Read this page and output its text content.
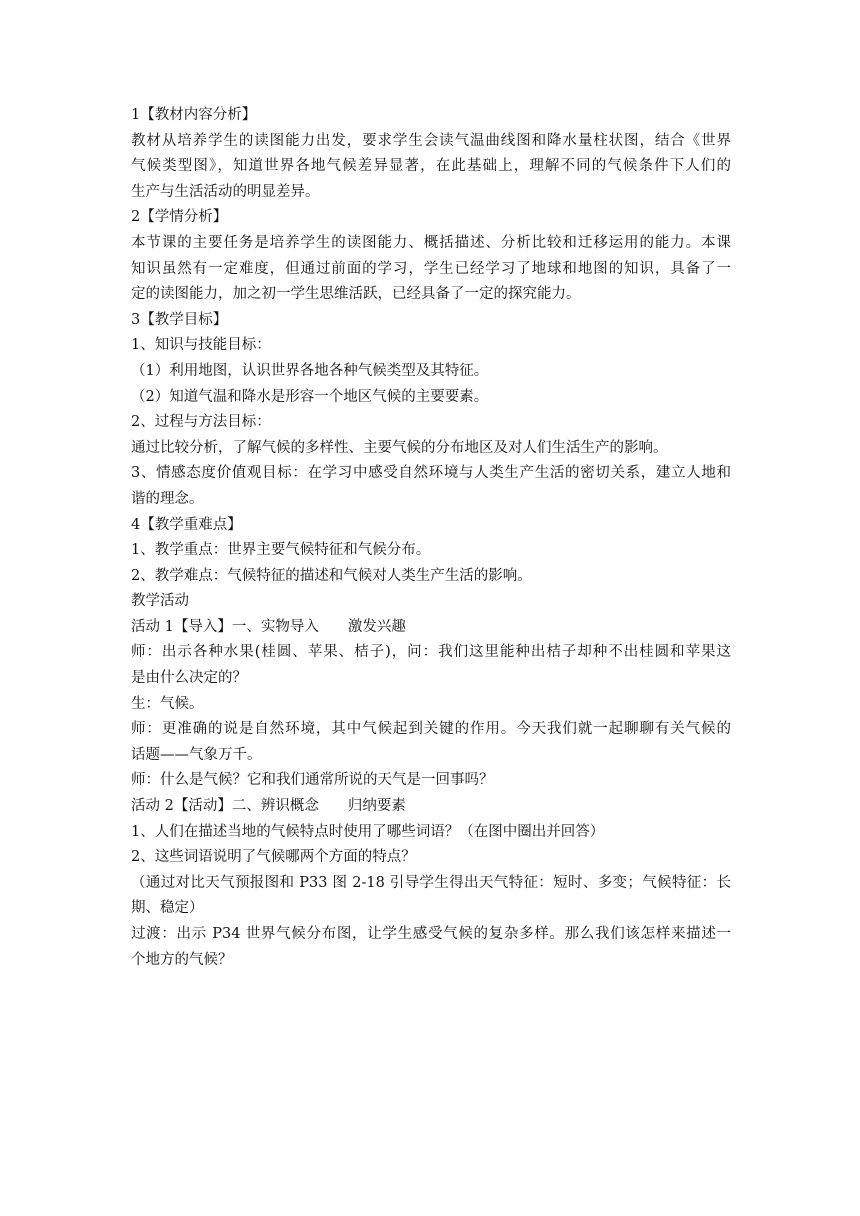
1【教材内容分析】
教材从培养学生的读图能力出发，要求学生会读气温曲线图和降水量柱状图，结合《世界
气候类型图》，知道世界各地气候差异显著，在此基础上，理解不同的气候条件下人们的
生产与生活活动的明显差异。
2【学情分析】
本节课的主要任务是培养学生的读图能力、概括描述、分析比较和迁移运用的能力。本课
知识虽然有一定难度，但通过前面的学习，学生已经学习了地球和地图的知识，具备了一
定的读图能力，加之初一学生思维活跃，已经具备了一定的探究能力。
3【教学目标】
1、知识与技能目标：
（1）利用地图，认识世界各地各种气候类型及其特征。
（2）知道气温和降水是形容一个地区气候的主要要素。
2、过程与方法目标：
通过比较分析，了解气候的多样性、主要气候的分布地区及对人们生活生产的影响。
3、情感态度价值观目标：在学习中感受自然环境与人类生产生活的密切关系，建立人地和
谐的理念。
4【教学重难点】
1、教学重点：世界主要气候特征和气候分布。
2、教学难点：气候特征的描述和气候对人类生产生活的影响。
教学活动
活动 1【导入】一、实物导入　　激发兴趣
师：出示各种水果(桂圆、苹果、桔子)，问：我们这里能种出桔子却种不出桂圆和苹果这
是由什么决定的？
生：气候。
师：更准确的说是自然环境，其中气候起到关键的作用。今天我们就一起聊聊有关气候的
话题——气象万千。
师：什么是气候？它和我们通常所说的天气是一回事吗？
活动 2【活动】二、辨识概念　　归纳要素
1、人们在描述当地的气候特点时使用了哪些词语？（在图中圈出并回答）
2、这些词语说明了气候哪两个方面的特点？
（通过对比天气预报图和 P33 图 2-18 引导学生得出天气特征：短时、多变；气候特征：长
期、稳定）
过渡：出示 P34 世界气候分布图，让学生感受气候的复杂多样。那么我们该怎样来描述一
个地方的气候？
